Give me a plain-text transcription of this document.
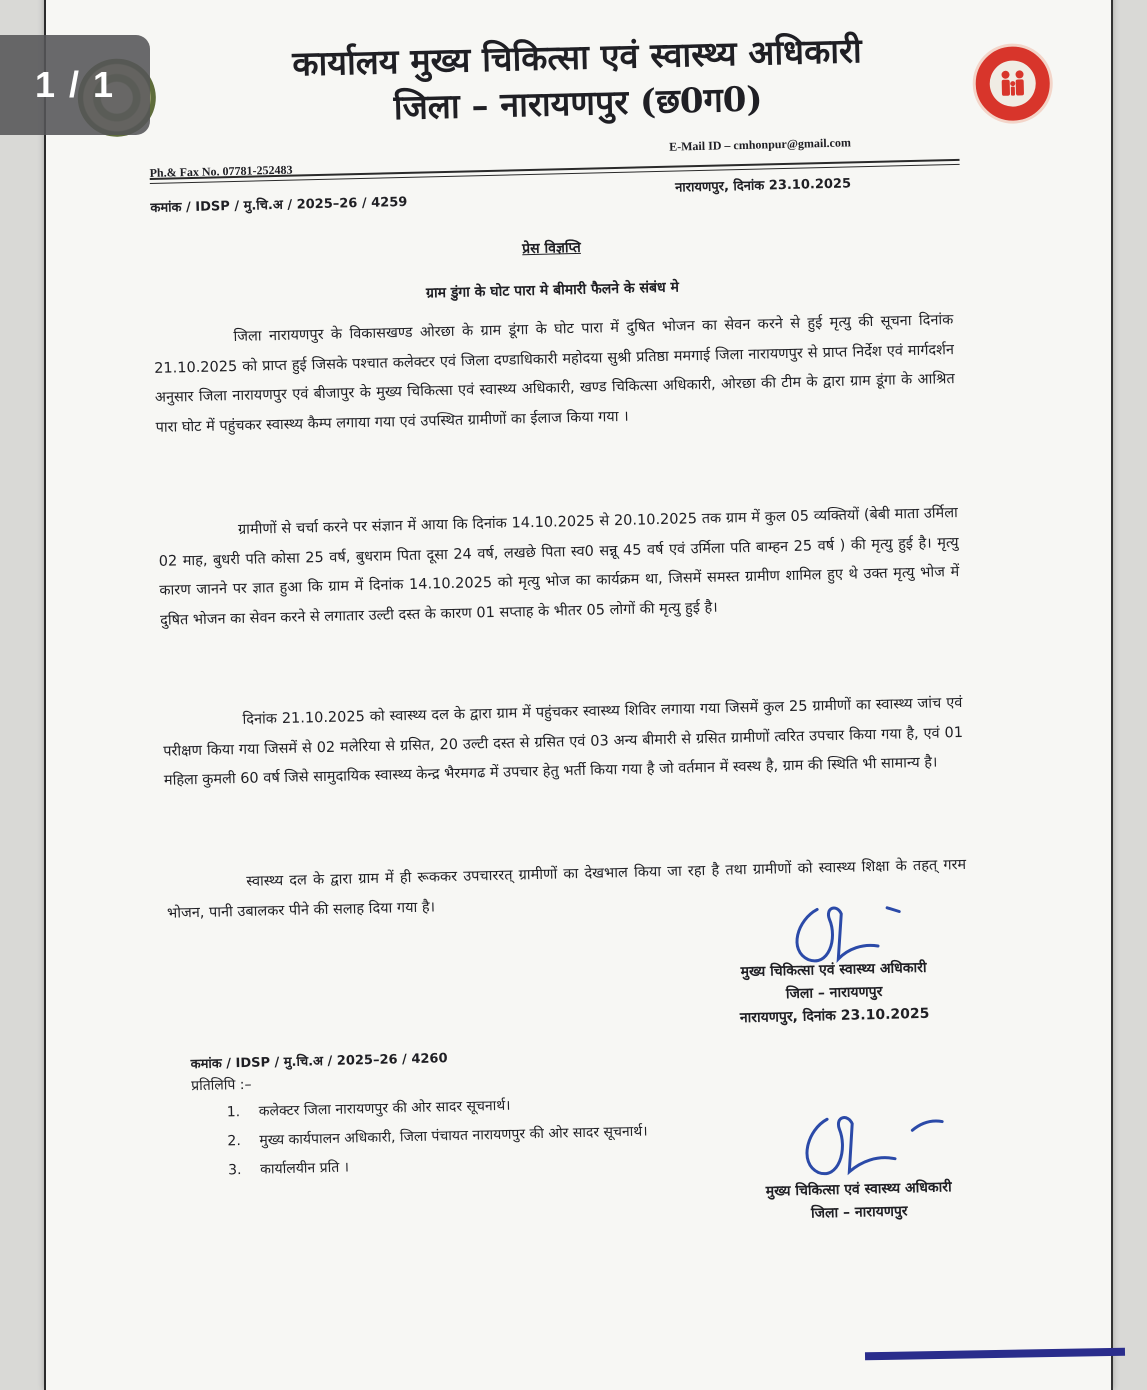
कार्यालय मुख्य चिकित्सा एवं स्वास्थ्य अधिकारी
जिला – नारायणपुर (छ0ग0)
E-Mail ID – cmhonpur@gmail.com
Ph.& Fax No. 07781-252483
कमांक / IDSP / मु.चि.अ / 2025–26 / 4259
नारायणपुर, दिनांक 23.10.2025
प्रेस विज्ञप्ति
ग्राम डुंगा के घोट पारा मे बीमारी फैलने के संबंध मे

जिला नारायणपुर के विकासखण्ड ओरछा के ग्राम डूंगा के घोट पारा में दुषित भोजन का सेवन करने से हुई मृत्यु की सूचना दिनांक 21.10.2025 को प्राप्त हुई जिसके पश्चात कलेक्टर एवं जिला दण्डाधिकारी महोदया सुश्री प्रतिष्ठा ममगाई जिला नारायणपुर से प्राप्त निर्देश एवं मार्गदर्शन अनुसार जिला नारायणपुर एवं बीजापुर के मुख्य चिकित्सा एवं स्वास्थ्य अधिकारी, खण्ड चिकित्सा अधिकारी, ओरछा की टीम के द्वारा ग्राम डूंगा के आश्रित पारा घोट में पहुंचकर स्वास्थ्य कैम्प लगाया गया एवं उपस्थित ग्रामीणों का ईलाज किया गया ।

ग्रामीणों से चर्चा करने पर संज्ञान में आया कि दिनांक 14.10.2025 से 20.10.2025 तक ग्राम में कुल 05 व्यक्तियों (बेबी माता उर्मिला 02 माह, बुधरी पति कोसा 25 वर्ष, बुधराम पिता दूसा 24 वर्ष, लखछे पिता स्व0 सन्नू 45 वर्ष एवं उर्मिला पति बाम्हन 25 वर्ष ) की मृत्यु हुई है। मृत्यु कारण जानने पर ज्ञात हुआ कि ग्राम में दिनांक 14.10.2025 को मृत्यु भोज का कार्यक्रम था, जिसमें समस्त ग्रामीण शामिल हुए थे उक्त मृत्यु भोज में दुषित भोजन का सेवन करने से लगातार उल्टी दस्त के कारण 01 सप्ताह के भीतर 05 लोगों की मृत्यु हुई है।

दिनांक 21.10.2025 को स्वास्थ्य दल के द्वारा ग्राम में पहुंचकर स्वास्थ्य शिविर लगाया गया जिसमें कुल 25 ग्रामीणों का स्वास्थ्य जांच एवं परीक्षण किया गया जिसमें से 02 मलेरिया से ग्रसित, 20 उल्टी दस्त से ग्रसित एवं 03 अन्य बीमारी से ग्रसित ग्रामीणों त्वरित उपचार किया गया है, एवं 01 महिला कुमली 60 वर्ष जिसे सामुदायिक स्वास्थ्य केन्द्र भैरमगढ में उपचार हेतु भर्ती किया गया है जो वर्तमान में स्वस्थ है, ग्राम की स्थिति भी सामान्य है।

स्वास्थ्य दल के द्वारा ग्राम में ही रूककर उपचाररत् ग्रामीणों का देखभाल किया जा रहा है तथा ग्रामीणों को स्वास्थ्य शिक्षा के तहत् गरम भोजन, पानी उबालकर पीने की सलाह दिया गया है।

मुख्य चिकित्सा एवं स्वास्थ्य अधिकारी
जिला – नारायणपुर
नारायणपुर, दिनांक 23.10.2025
कमांक / IDSP / मु.चि.अ / 2025–26 / 4260
प्रतिलिपि :–
1. कलेक्टर जिला नारायणपुर की ओर सादर सूचनार्थ।
2. मुख्य कार्यपालन अधिकारी, जिला पंचायत नारायणपुर की ओर सादर सूचनार्थ।
3. कार्यालयीन प्रति ।
मुख्य चिकित्सा एवं स्वास्थ्य अधिकारी
जिला – नारायणपुर
1 / 1
